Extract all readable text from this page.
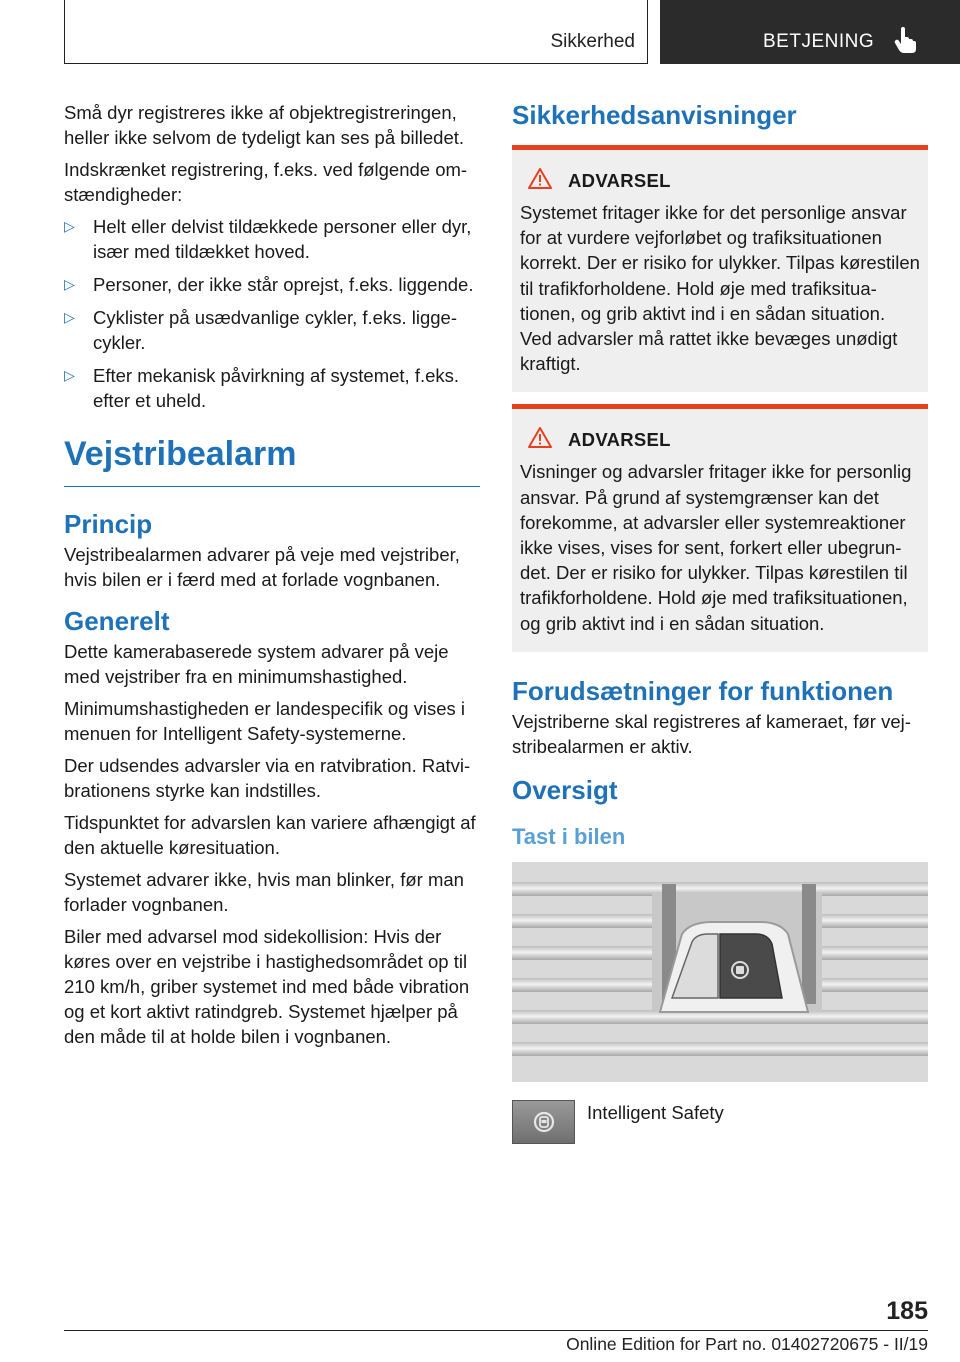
Sikkerhed	BETJENING

Små dyr registreres ikke af objektregistreringen, heller ikke selvom de tydeligt kan ses på billedet.

Indskrænket registrering, f.eks. ved følgende omstændigheder:

▷ Helt eller delvist tildækkede personer eller dyr, især med tildækket hoved.
▷ Personer, der ikke står oprejst, f.eks. liggende.
▷ Cyklister på usædvanlige cykler, f.eks. liggecykler.
▷ Efter mekanisk påvirkning af systemet, f.eks. efter et uheld.
Vejstribealarm
Princip

Vejstribealarmen advarer på veje med vejstriber, hvis bilen er i færd med at forlade vognbanen.

Generelt

Dette kamerabaserede system advarer på veje med vejstriber fra en minimumshastighed.

Minimumshastigheden er landespecifik og vises i menuen for Intelligent Safety-systemerne.

Der udsendes advarsler via en ratvibration. Ratvibrationens styrke kan indstilles.

Tidspunktet for advarslen kan variere afhængigt af den aktuelle køresituation.

Systemet advarer ikke, hvis man blinker, før man forlader vognbanen.

Biler med advarsel mod sidekollision: Hvis der køres over en vejstribe i hastighedsområdet op til 210 km/h, griber systemet ind med både vibration og et kort aktivt ratindgreb. Systemet hjælper på den måde til at holde bilen i vognbanen.

Sikkerhedsanvisninger
ADVARSEL

Systemet fritager ikke for det personlige ansvar for at vurdere vejforløbet og trafiksituationen korrekt. Der er risiko for ulykker. Tilpas kørestilen til trafikforholdene. Hold øje med trafiksituationen, og grib aktivt ind i en sådan situation. Ved advarsler må rattet ikke bevæges unødigt kraftigt.

ADVARSEL

Visninger og advarsler fritager ikke for personlig ansvar. På grund af systemgrænser kan det forekomme, at advarsler eller systemreaktioner ikke vises, vises for sent, forkert eller ubegrundet. Der er risiko for ulykker. Tilpas kørestilen til trafikforholdene. Hold øje med trafiksituationen, og grib aktivt ind i en sådan situation.

Forudsætninger for funktionen

Vejstriberne skal registreres af kameraet, før vejstribealarmen er aktiv.

Oversigt
Tast i bilen
Intelligent Safety
185
Online Edition for Part no. 01402720675 - II/19
